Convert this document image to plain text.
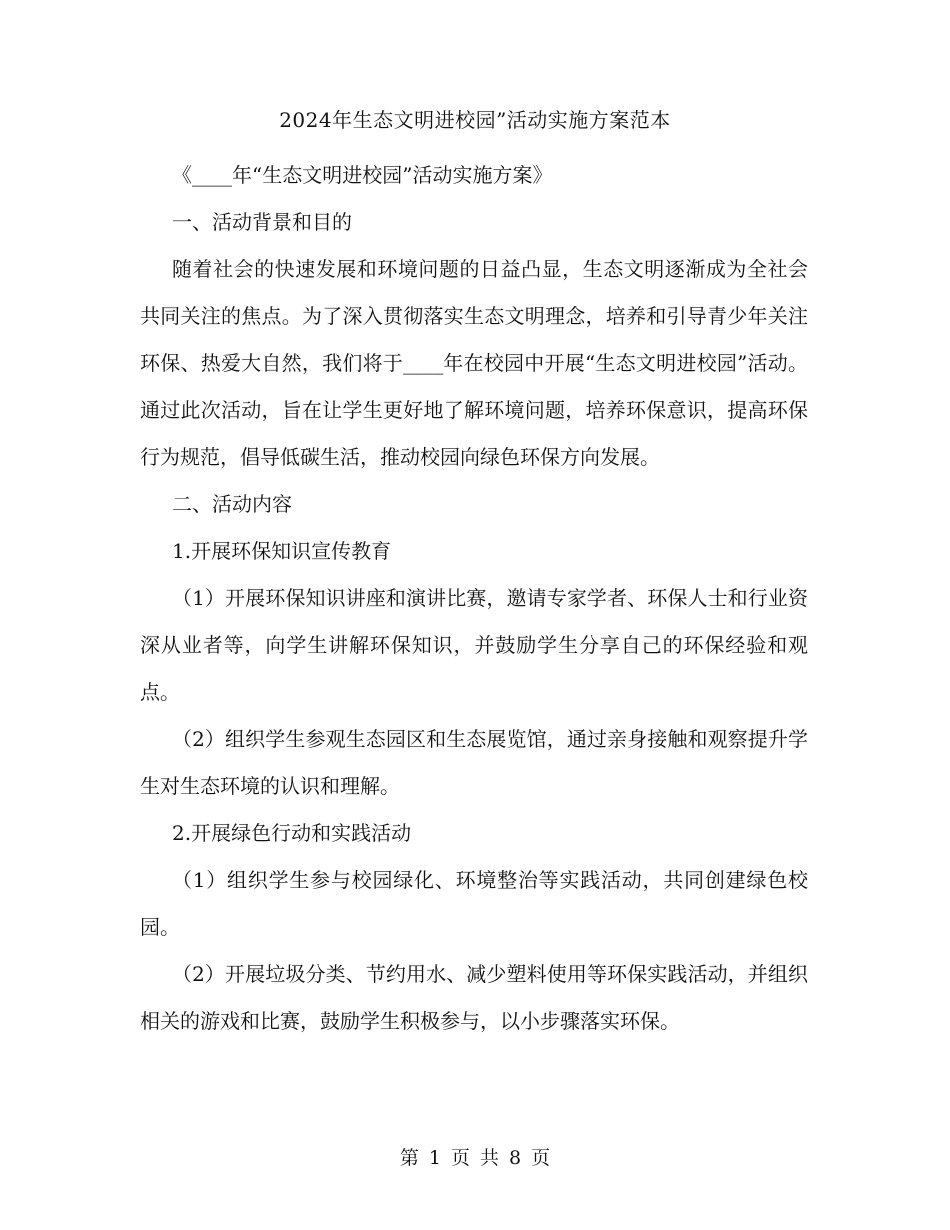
2024年生态文明进校园”活动实施方案范本

《____年“生态文明进校园”活动实施方案》

一、活动背景和目的

随着社会的快速发展和环境问题的日益凸显，生态文明逐渐成为全社会共同关注的焦点。为了深入贯彻落实生态文明理念，培养和引导青少年关注环保、热爱大自然，我们将于____年在校园中开展“生态文明进校园”活动。通过此次活动，旨在让学生更好地了解环境问题，培养环保意识，提高环保行为规范，倡导低碳生活，推动校园向绿色环保方向发展。

二、活动内容

1.开展环保知识宣传教育

（1）开展环保知识讲座和演讲比赛，邀请专家学者、环保人士和行业资深从业者等，向学生讲解环保知识，并鼓励学生分享自己的环保经验和观点。

（2）组织学生参观生态园区和生态展览馆，通过亲身接触和观察提升学生对生态环境的认识和理解。

2.开展绿色行动和实践活动

（1）组织学生参与校园绿化、环境整治等实践活动，共同创建绿色校园。

（2）开展垃圾分类、节约用水、减少塑料使用等环保实践活动，并组织相关的游戏和比赛，鼓励学生积极参与，以小步骤落实环保。

第 1 页 共 8 页
